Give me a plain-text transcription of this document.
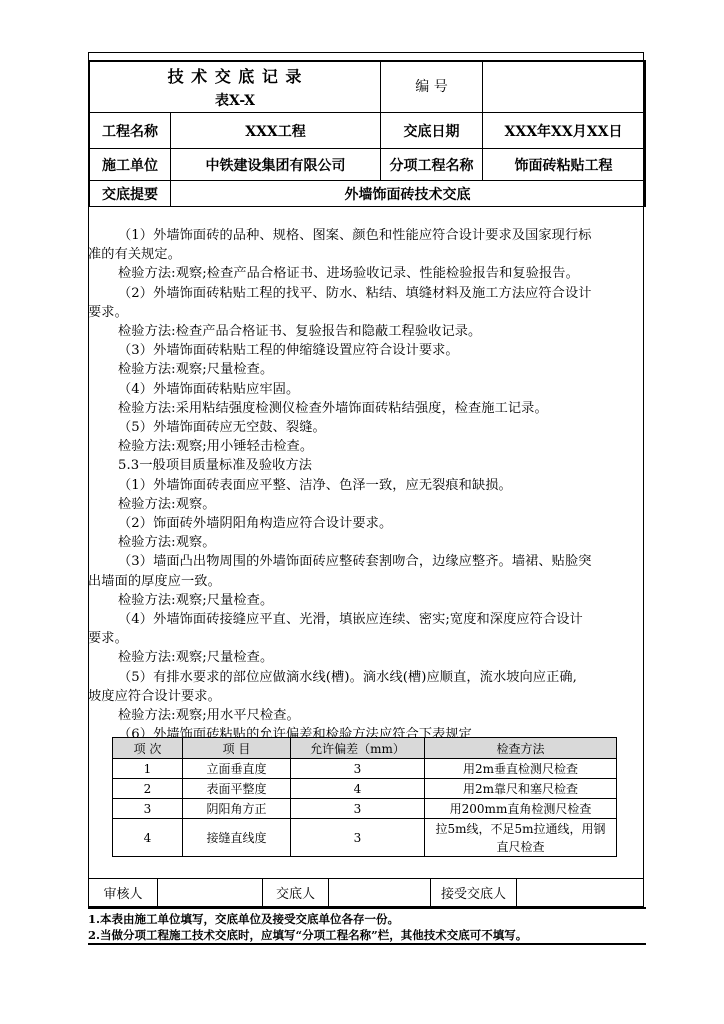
技 术 交 底 记 录
表X-X
编 号
工程名称	XXX工程	交底日期	XXX年XX月XX日
施工单位	中铁建设集团有限公司	分项工程名称	饰面砖粘贴工程
交底提要	外墙饰面砖技术交底

（1）外墙饰面砖的品种、规格、图案、颜色和性能应符合设计要求及国家现行标

准的有关规定。

检验方法:观察;检查产品合格证书、进场验收记录、性能检验报告和复验报告。

（2）外墙饰面砖粘贴工程的找平、防水、粘结、填缝材料及施工方法应符合设计

要求。

检验方法:检查产品合格证书、复验报告和隐蔽工程验收记录。

（3）外墙饰面砖粘贴工程的伸缩缝设置应符合设计要求。

检验方法:观察;尺量检查。

（4）外墙饰面砖粘贴应牢固。

检验方法:采用粘结强度检测仪检查外墙饰面砖粘结强度，检查施工记录。

（5）外墙饰面砖应无空鼓、裂缝。

检验方法:观察;用小锤轻击检查。

5.3一般项目质量标准及验收方法

（1）外墙饰面砖表面应平整、洁净、色泽一致，应无裂痕和缺损。

检验方法:观察。

（2）饰面砖外墙阴阳角构造应符合设计要求。

检验方法:观察。

（3）墙面凸出物周围的外墙饰面砖应整砖套割吻合，边缘应整齐。墙裙、贴脸突

出墙面的厚度应一致。

检验方法:观察;尺量检查。

（4）外墙饰面砖接缝应平直、光滑，填嵌应连续、密实;宽度和深度应符合设计

要求。

检验方法:观察;尺量检查。

（5）有排水要求的部位应做滴水线(槽)。滴水线(槽)应顺直，流水坡向应正确,

坡度应符合设计要求。

检验方法:观察;用水平尺检查。

（6）外墙饰面砖粘贴的允许偏差和检验方法应符合下表规定

项 次	项 目	允许偏差（mm）	检查方法
1	立面垂直度	3	用2m垂直检测尺检查
2	表面平整度	4	用2m靠尺和塞尺检查
3	阴阳角方正	3	用200mm直角检测尺检查
4	接缝直线度	3	拉5m线，不足5m拉通线，用钢直尺检查
审核人	交底人	接受交底人
1.本表由施工单位填写，交底单位及接受交底单位各存一份。
2.当做分项工程施工技术交底时，应填写“分项工程名称”栏，其他技术交底可不填写。
